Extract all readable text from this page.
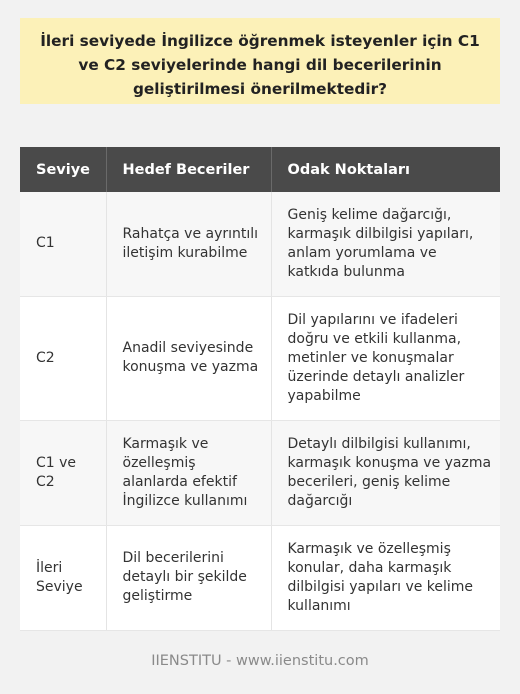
İleri seviyede İngilizce öğrenmek isteyenler için C1 ve C2 seviyelerinde hangi dil becerilerinin geliştirilmesi önerilmektedir?
Seviye	Hedef Beceriler	Odak Noktaları
C1	Rahatça ve ayrıntılı iletişim kurabilme	Geniş kelime dağarcığı, karmaşık dilbilgisi yapıları, anlam yorumlama ve katkıda bulunma
C2	Anadil seviyesinde konuşma ve yazma	Dil yapılarını ve ifadeleri doğru ve etkili kullanma, metinler ve konuşmalar üzerinde detaylı analizler yapabilme
C1 ve C2	Karmaşık ve özelleşmiş alanlarda efektif İngilizce kullanımı	Detaylı dilbilgisi kullanımı, karmaşık konuşma ve yazma becerileri, geniş kelime dağarcığı
İleri Seviye	Dil becerilerini detaylı bir şekilde geliştirme	Karmaşık ve özelleşmiş konular, daha karmaşık dilbilgisi yapıları ve kelime kullanımı
IIENSTITU - www.iienstitu.com
